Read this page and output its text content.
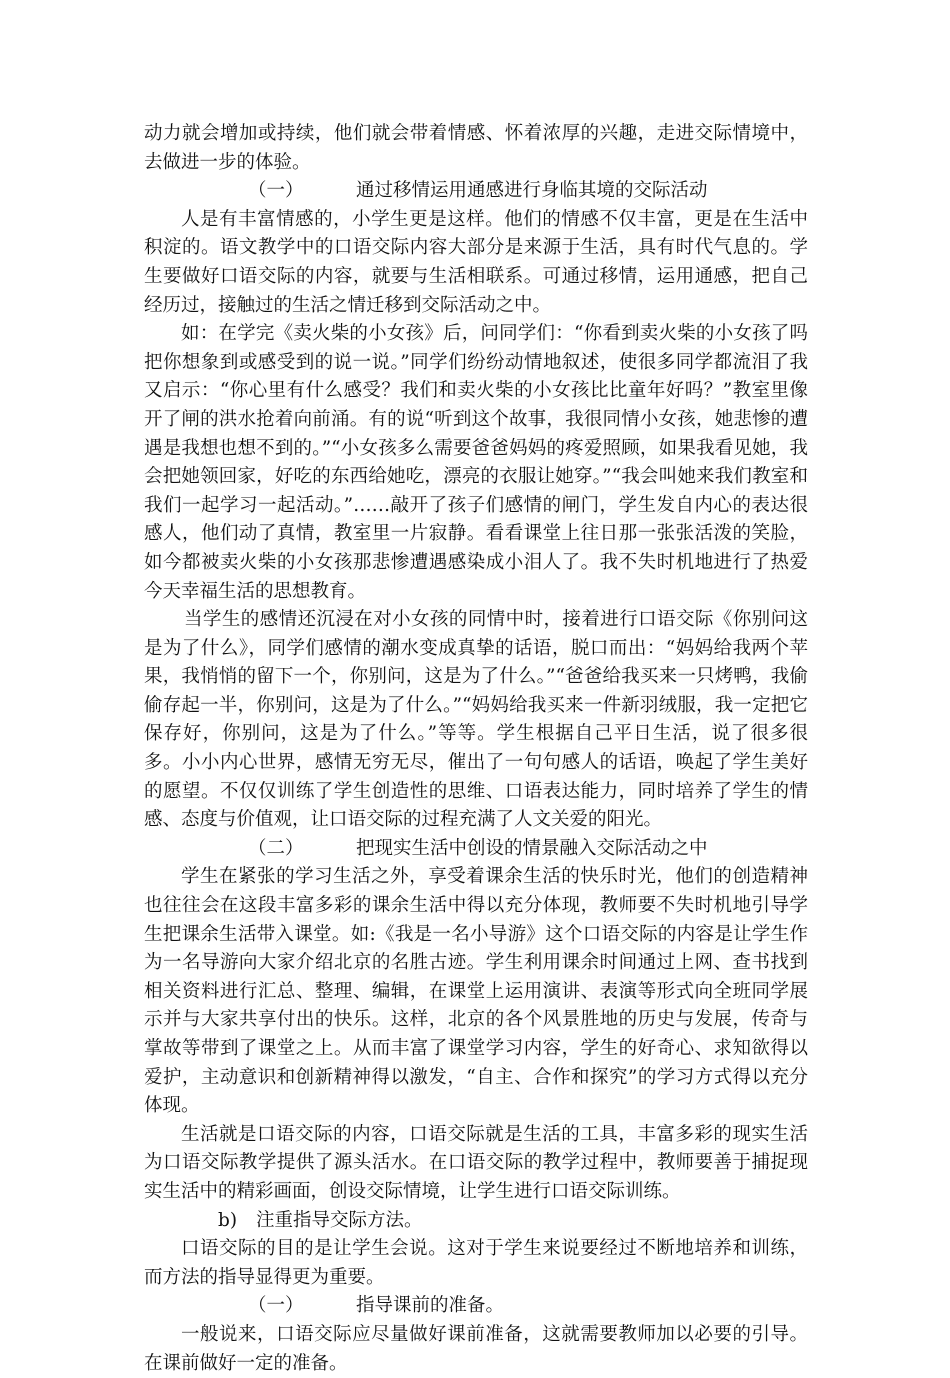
动力就会增加或持续，他们就会带着情感、怀着浓厚的兴趣，走进交际情境中，去做进一步的体验。

（一）	通过移情运用通感进行身临其境的交际活动

人是有丰富情感的，小学生更是这样。他们的情感不仅丰富，更是在生活中积淀的。语文教学中的口语交际内容大部分是来源于生活，具有时代气息的。学生要做好口语交际的内容，就要与生活相联系。可通过移情，运用通感，把自己经历过，接触过的生活之情迁移到交际活动之中。

如：在学完《卖火柴的小女孩》后，问同学们：“你看到卖火柴的小女孩了吗把你想象到或感受到的说一说。”同学们纷纷动情地叙述，使很多同学都流泪了我又启示：“你心里有什么感受？我们和卖火柴的小女孩比比童年好吗？”教室里像开了闸的洪水抢着向前涌。有的说“听到这个故事，我很同情小女孩，她悲惨的遭遇是我想也想不到的。”“小女孩多么需要爸爸妈妈的疼爱照顾，如果我看见她，我会把她领回家，好吃的东西给她吃，漂亮的衣服让她穿。”“我会叫她来我们教室和我们一起学习一起活动。”……敲开了孩子们感情的闸门，学生发自内心的表达很感人，他们动了真情，教室里一片寂静。看看课堂上往日那一张张活泼的笑脸，如今都被卖火柴的小女孩那悲惨遭遇感染成小泪人了。我不失时机地进行了热爱今天幸福生活的思想教育。

当学生的感情还沉浸在对小女孩的同情中时，接着进行口语交际《你别问这是为了什么》，同学们感情的潮水变成真挚的话语，脱口而出：“妈妈给我两个苹果，我悄悄的留下一个，你别问，这是为了什么。”“爸爸给我买来一只烤鸭，我偷偷存起一半，你别问，这是为了什么。”“妈妈给我买来一件新羽绒服，我一定把它保存好，你别问，这是为了什么。”等等。学生根据自己平日生活，说了很多很多。小小内心世界，感情无穷无尽，催出了一句句感人的话语，唤起了学生美好的愿望。不仅仅训练了学生创造性的思维、口语表达能力，同时培养了学生的情感、态度与价值观，让口语交际的过程充满了人文关爱的阳光。

（二）	把现实生活中创设的情景融入交际活动之中

学生在紧张的学习生活之外，享受着课余生活的快乐时光，他们的创造精神也往往会在这段丰富多彩的课余生活中得以充分体现，教师要不失时机地引导学生把课余生活带入课堂。如:《我是一名小导游》这个口语交际的内容是让学生作为一名导游向大家介绍北京的名胜古迹。学生利用课余时间通过上网、查书找到相关资料进行汇总、整理、编辑，在课堂上运用演讲、表演等形式向全班同学展示并与大家共享付出的快乐。这样，北京的各个风景胜地的历史与发展，传奇与掌故等带到了课堂之上。从而丰富了课堂学习内容，学生的好奇心、求知欲得以爱护，主动意识和创新精神得以激发，“自主、合作和探究”的学习方式得以充分体现。

生活就是口语交际的内容，口语交际就是生活的工具，丰富多彩的现实生活为口语交际教学提供了源头活水。在口语交际的教学过程中，教师要善于捕捉现实生活中的精彩画面，创设交际情境，让学生进行口语交际训练。

b) 注重指导交际方法。

口语交际的目的是让学生会说。这对于学生来说要经过不断地培养和训练，而方法的指导显得更为重要。

（一）	指导课前的准备。

一般说来，口语交际应尽量做好课前准备，这就需要教师加以必要的引导。在课前做好一定的准备。
